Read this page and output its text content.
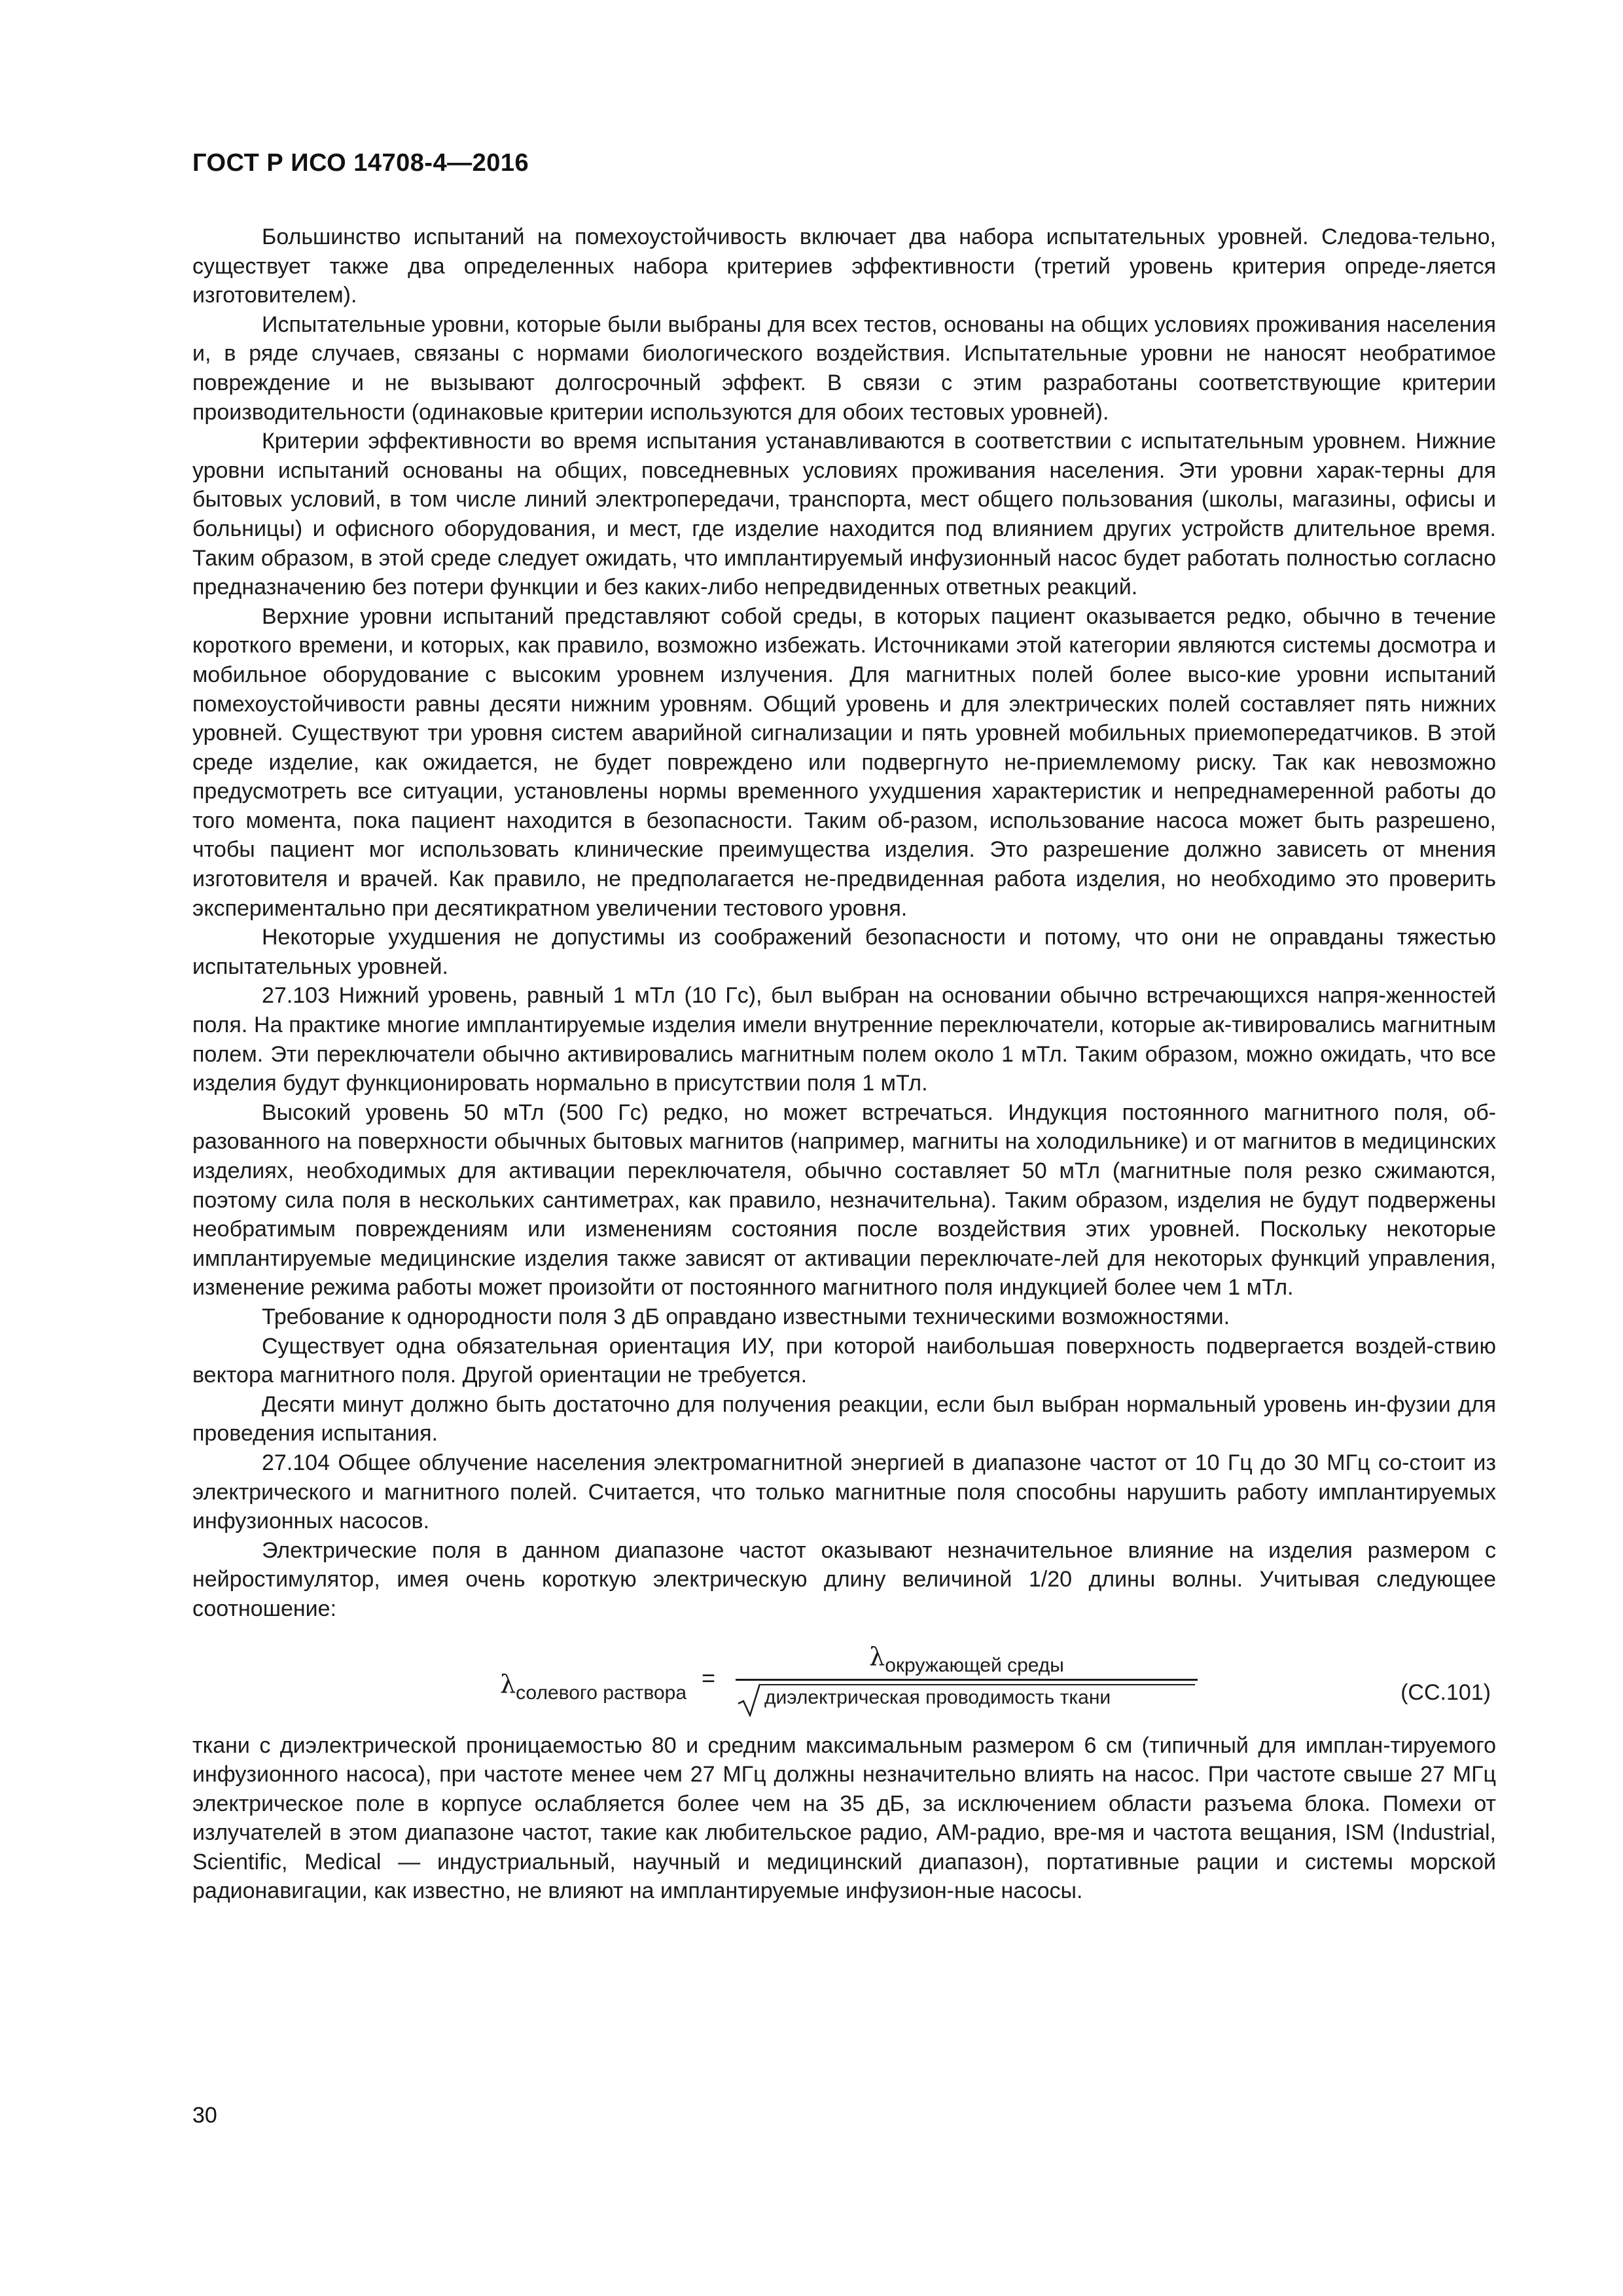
ГОСТ Р ИСО 14708-4—2016

Большинство испытаний на помехоустойчивость включает два набора испытательных уровней. Следова-тельно, существует также два определенных набора критериев эффективности (третий уровень критерия опреде-ляется изготовителем).

Испытательные уровни, которые были выбраны для всех тестов, основаны на общих условиях проживания населения и, в ряде случаев, связаны с нормами биологического воздействия. Испытательные уровни не наносят необратимое повреждение и не вызывают долгосрочный эффект. В связи с этим разработаны соответствующие критерии производительности (одинаковые критерии используются для обоих тестовых уровней).

Критерии эффективности во время испытания устанавливаются в соответствии с испытательным уровнем. Нижние уровни испытаний основаны на общих, повседневных условиях проживания населения. Эти уровни харак-терны для бытовых условий, в том числе линий электропередачи, транспорта, мест общего пользования (школы, магазины, офисы и больницы) и офисного оборудования, и мест, где изделие находится под влиянием других устройств длительное время. Таким образом, в этой среде следует ожидать, что имплантируемый инфузионный насос будет работать полностью согласно предназначению без потери функции и без каких-либо непредвиденных ответных реакций.

Верхние уровни испытаний представляют собой среды, в которых пациент оказывается редко, обычно в течение короткого времени, и которых, как правило, возможно избежать. Источниками этой категории являются системы досмотра и мобильное оборудование с высоким уровнем излучения. Для магнитных полей более высо-кие уровни испытаний помехоустойчивости равны десяти нижним уровням. Общий уровень и для электрических полей составляет пять нижних уровней. Существуют три уровня систем аварийной сигнализации и пять уровней мобильных приемопередатчиков. В этой среде изделие, как ожидается, не будет повреждено или подвергнуто не-приемлемому риску. Так как невозможно предусмотреть все ситуации, установлены нормы временного ухудшения характеристик и непреднамеренной работы до того момента, пока пациент находится в безопасности. Таким об-разом, использование насоса может быть разрешено, чтобы пациент мог использовать клинические преимущества изделия. Это разрешение должно зависеть от мнения изготовителя и врачей. Как правило, не предполагается не-предвиденная работа изделия, но необходимо это проверить экспериментально при десятикратном увеличении тестового уровня.

Некоторые ухудшения не допустимы из соображений безопасности и потому, что они не оправданы тяжестью испытательных уровней.

27.103 Нижний уровень, равный 1 мТл (10 Гс), был выбран на основании обычно встречающихся напря-женностей поля. На практике многие имплантируемые изделия имели внутренние переключатели, которые ак-тивировались магнитным полем. Эти переключатели обычно активировались магнитным полем около 1 мТл. Таким образом, можно ожидать, что все изделия будут функционировать нормально в присутствии поля 1 мТл.

Высокий уровень 50 мТл (500 Гс) редко, но может встречаться. Индукция постоянного магнитного поля, об-разованного на поверхности обычных бытовых магнитов (например, магниты на холодильнике) и от магнитов в медицинских изделиях, необходимых для активации переключателя, обычно составляет 50 мТл (магнитные поля резко сжимаются, поэтому сила поля в нескольких сантиметрах, как правило, незначительна). Таким образом, изделия не будут подвержены необратимым повреждениям или изменениям состояния после воздействия этих уровней. Поскольку некоторые имплантируемые медицинские изделия также зависят от активации переключате-лей для некоторых функций управления, изменение режима работы может произойти от постоянного магнитного поля индукцией более чем 1 мТл.

Требование к однородности поля 3 дБ оправдано известными техническими возможностями.

Существует одна обязательная ориентация ИУ, при которой наибольшая поверхность подвергается воздей-ствию вектора магнитного поля. Другой ориентации не требуется.

Десяти минут должно быть достаточно для получения реакции, если был выбран нормальный уровень ин-фузии для проведения испытания.

27.104 Общее облучение населения электромагнитной энергией в диапазоне частот от 10 Гц до 30 МГц со-стоит из электрического и магнитного полей. Считается, что только магнитные поля способны нарушить работу имплантируемых инфузионных насосов.

Электрические поля в данном диапазоне частот оказывают незначительное влияние на изделия размером с нейростимулятор, имея очень короткую электрическую длину величиной 1/20 длины волны. Учитывая следующее соотношение:

λсолевого раствора
=
λокружающей среды
диэлектрическая проводимость ткани	(СС.101)

ткани с диэлектрической проницаемостью 80 и средним максимальным размером 6 см (типичный для имплан-тируемого инфузионного насоса), при частоте менее чем 27 МГц должны незначительно влиять на насос. При частоте свыше 27 МГц электрическое поле в корпусе ослабляется более чем на 35 дБ, за исключением области разъема блока. Помехи от излучателей в этом диапазоне частот, такие как любительское радио, АМ-радио, вре-мя и частота вещания, ISM (Industrial, Scientific, Medical — индустриальный, научный и медицинский диапазон), портативные рации и системы морской радионавигации, как известно, не влияют на имплантируемые инфузион-ные насосы.

30
